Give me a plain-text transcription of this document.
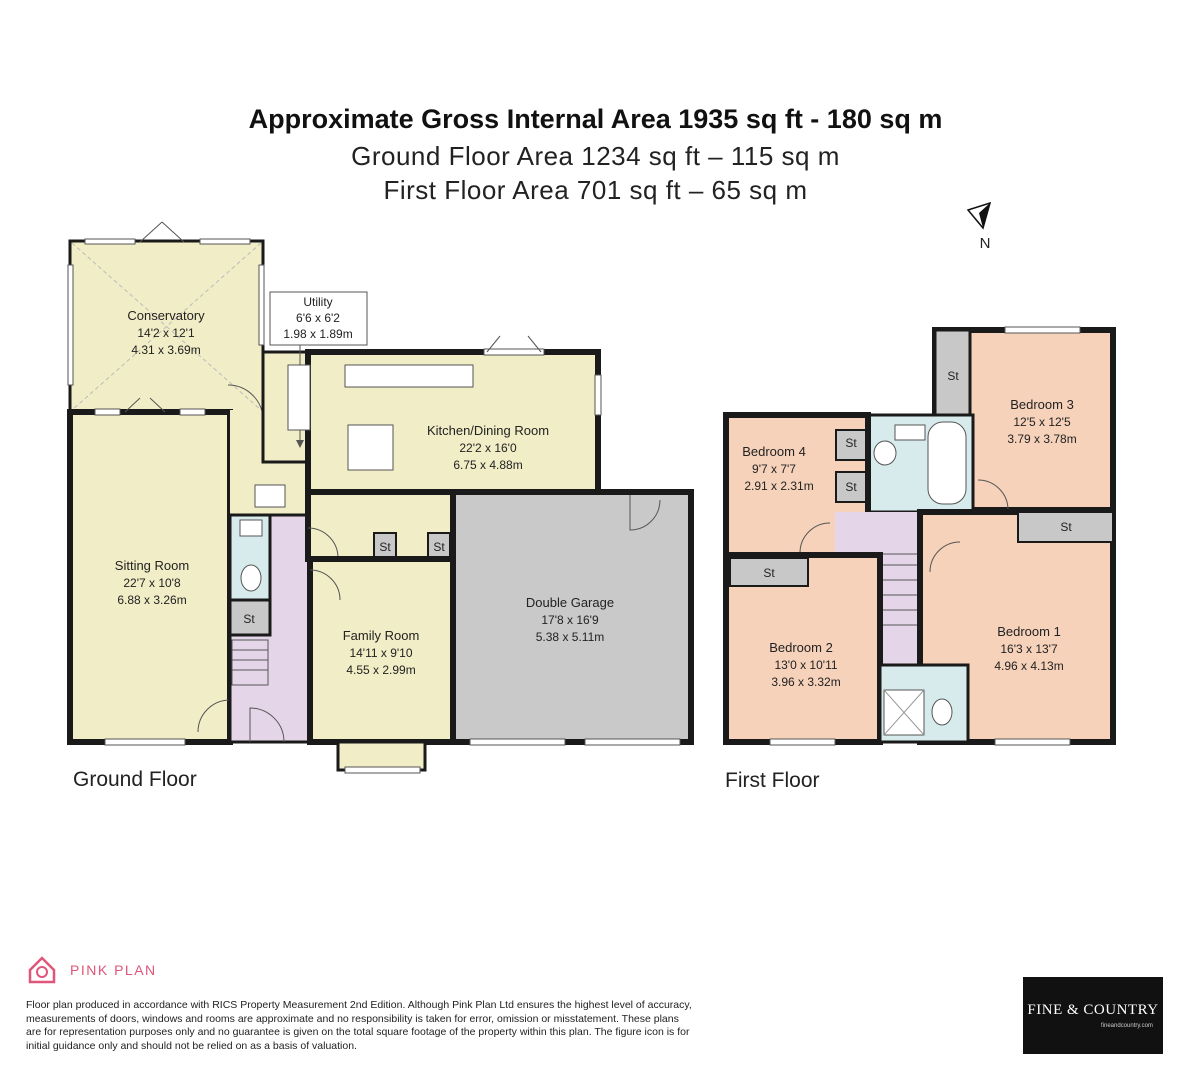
Approximate Gross Internal Area 1935 sq ft - 180 sq m
Ground Floor Area 1234 sq ft – 115 sq m
First Floor Area 701 sq ft – 65 sq m
N
Conservatory
14'2 x 12'1
4.31 x 3.69m
Utility
6'6 x 6'2
1.98 x 1.89m
Kitchen/Dining Room
22'2 x 16'0
6.75 x 4.88m
Sitting Room
22'7 x 10'8
6.88 x 3.26m
Family Room
14'11 x 9'10
4.55 x 2.99m
Double Garage
17'8 x 16'9
5.38 x 5.11m
Bedroom 3
12'5 x 12'5
3.79 x 3.78m
Bedroom 4
9'7 x 7'7
2.91 x 2.31m
Bedroom 2
13'0 x 10'11
3.96 x 3.32m
Bedroom 1
16'3 x 13'7
4.96 x 4.13m
St
St	St
St
St
St
St
St
Ground Floor	First Floor
PINK PLAN
Floor plan produced in accordance with RICS Property Measurement 2nd Edition. Although Pink Plan Ltd ensures the highest level of accuracy, measurements of doors, windows and rooms are approximate and no responsibility is taken for error, omission or misstatement. These plans are for representation purposes only and no guarantee is given on the total square footage of the property within this plan. The figure icon is for initial guidance only and should not be relied on as a basis of valuation.
FINE & COUNTRY
fineandcountry.com
